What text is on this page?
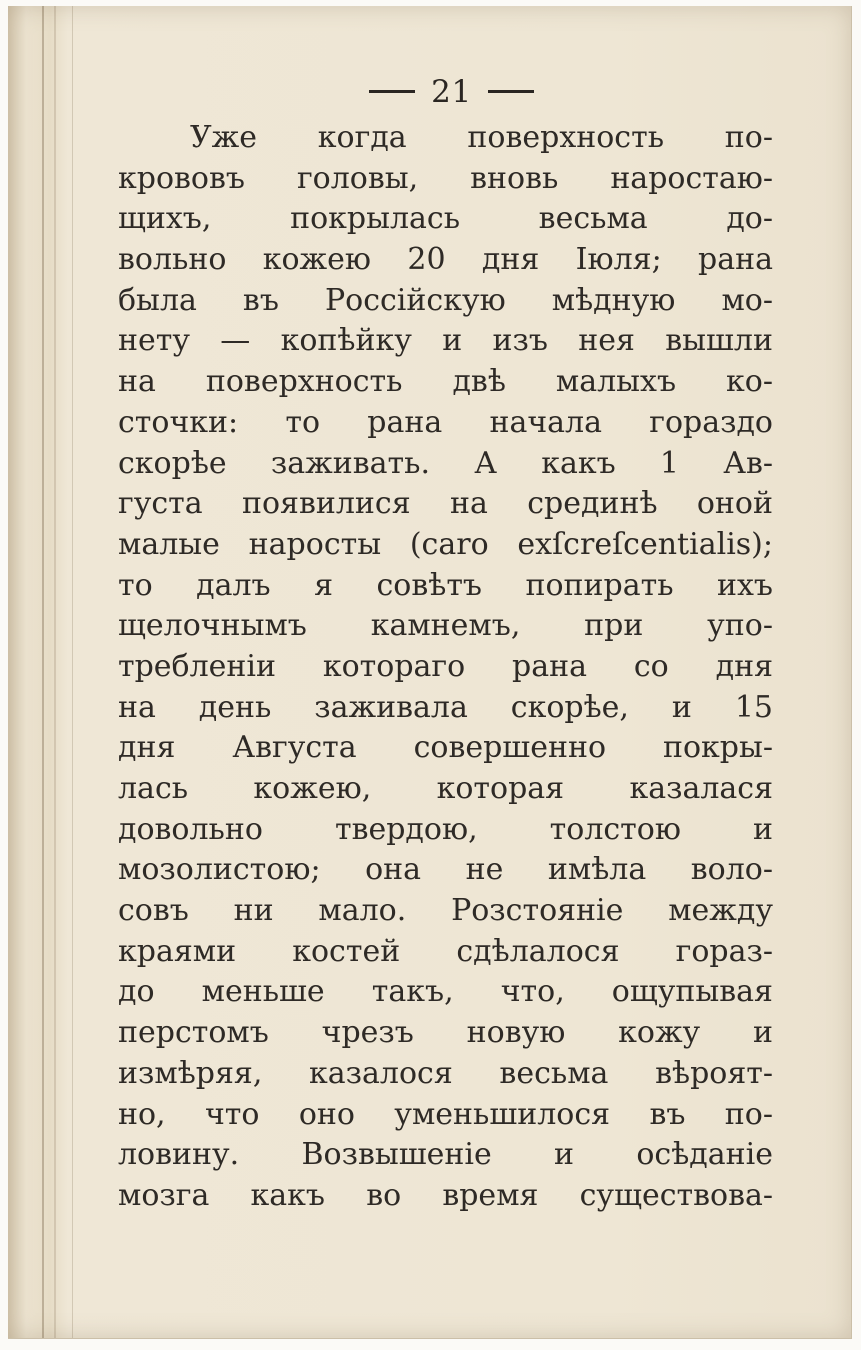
21
Уже когда поверхность по-
крововъ головы, вновь наростаю-
щихъ, покрылась весьма до-
вольно кожею 20 дня Іюля; рана
была въ Россійскую мѣдную мо-
нету — копѣйку и изъ нея вышли
на поверхность двѣ малыхъ ко-
сточки: то рана начала гораздо
скорѣе заживать. А какъ 1 Ав-
густа появилися на срединѣ оной
малые наросты (caro exſcreſcentialis);
то далъ я совѣтъ попирать ихъ
щелочнымъ камнемъ, при упо-
требленіи котораго рана со дня
на день заживала скорѣе, и 15
дня Августа совершенно покры-
лась кожею, которая казалася
довольно твердою, толстою и
мозолистою; она не имѣла воло-
совъ ни мало. Розстояніе между
краями костей сдѣлалося гораз-
до меньше такъ, что, ощупывая
перстомъ чрезъ новую кожу и
измѣряя, казалося весьма вѣроят-
но, что оно уменьшилося въ по-
ловину. Возвышеніе и осѣданіе
мозга какъ во время существова-
